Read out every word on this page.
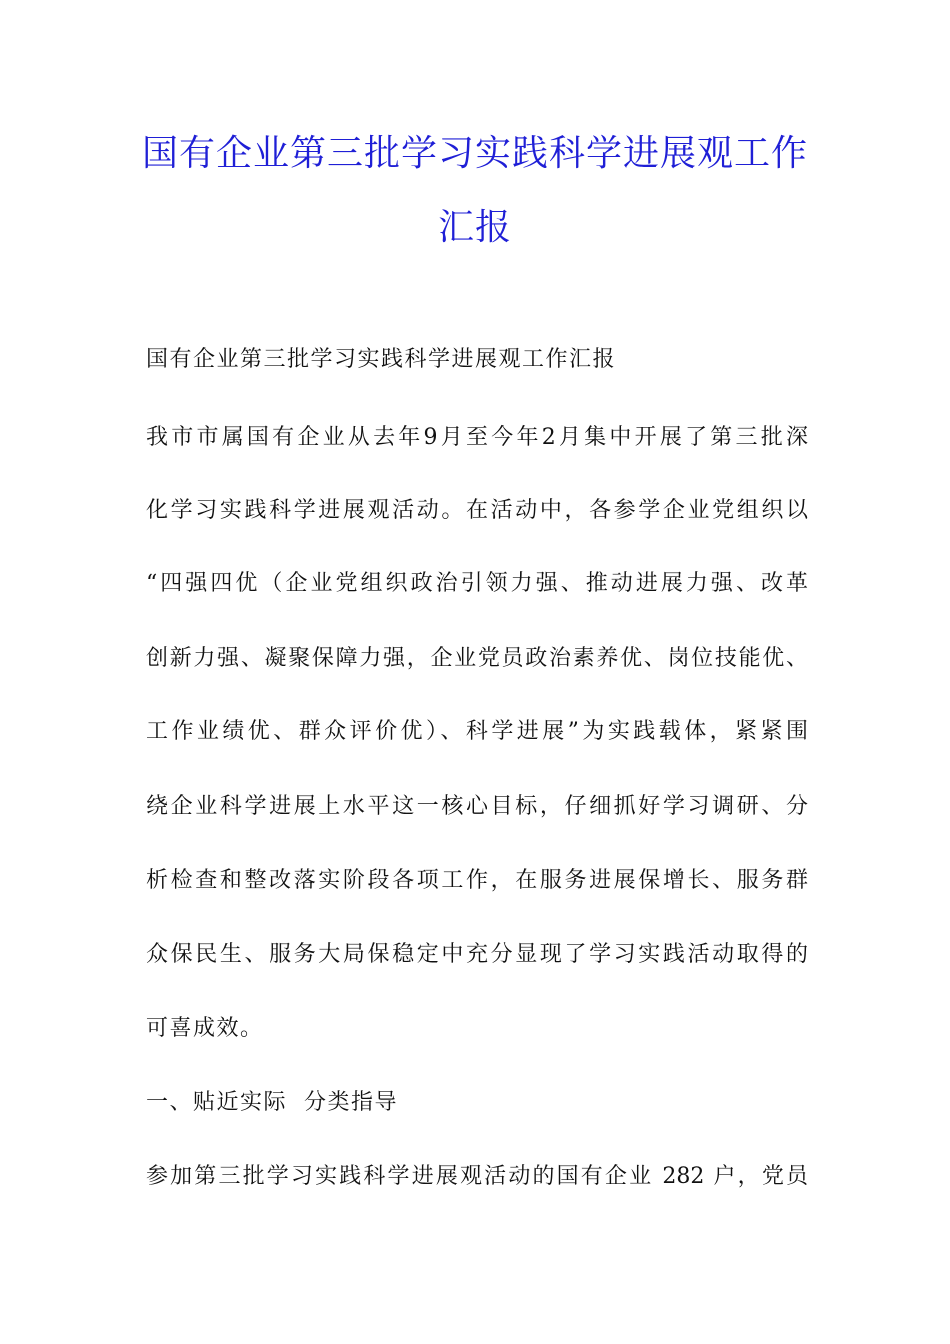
国有企业第三批学习实践科学进展观工作
汇报
国有企业第三批学习实践科学进展观工作汇报
我市市属国有企业从去年9月至今年2月集中开展了第三批深
化学习实践科学进展观活动。在活动中，各参学企业党组织以
“四强四优（企业党组织政治引领力强、推动进展力强、改革
创新力强、凝聚保障力强，企业党员政治素养优、岗位技能优、
工作业绩优、群众评价优）、科学进展”为实践载体，紧紧围
绕企业科学进展上水平这一核心目标，仔细抓好学习调研、分
析检查和整改落实阶段各项工作，在服务进展保增长、服务群
众保民生、服务大局保稳定中充分显现了学习实践活动取得的
可喜成效。
一、贴近实际  分类指导
参加第三批学习实践科学进展观活动的国有企业 282 户，党员
